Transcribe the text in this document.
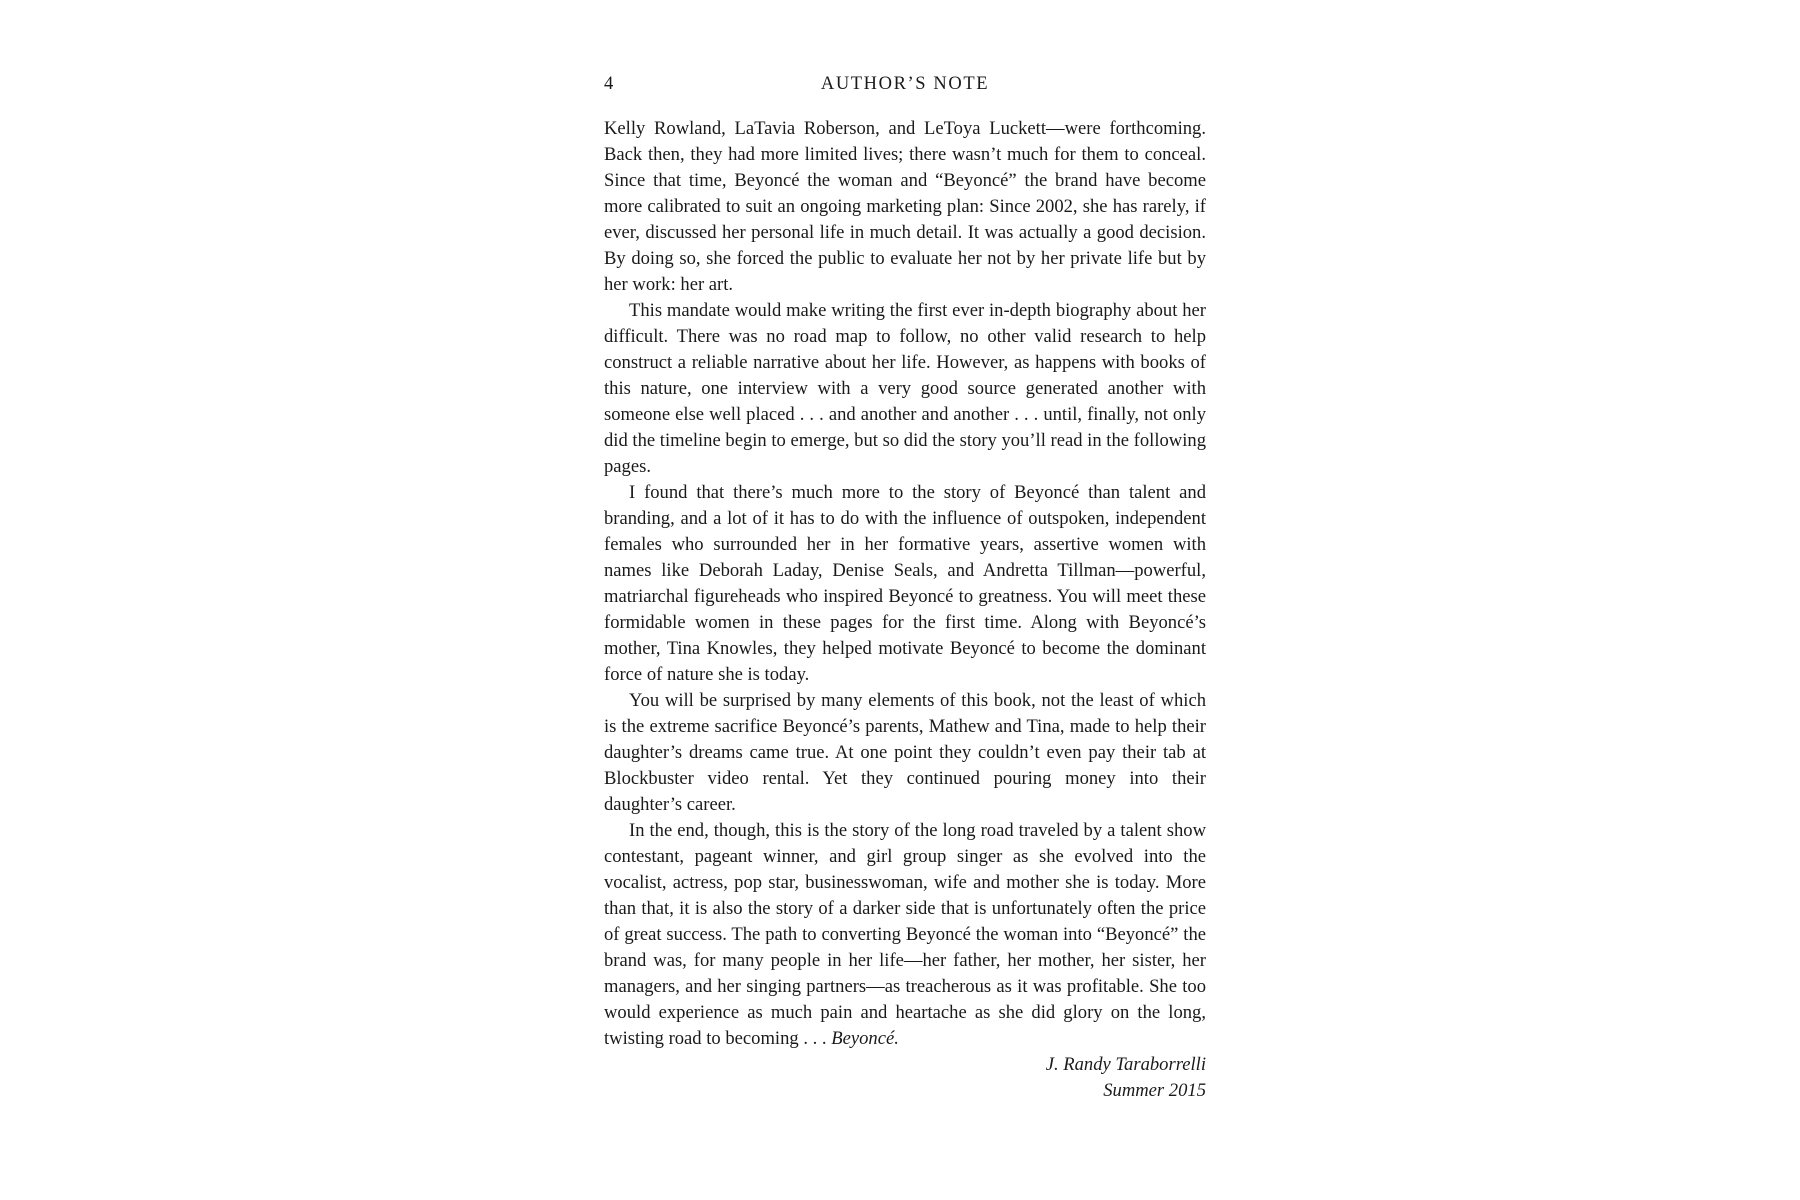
4	AUTHOR’S NOTE

Kelly Rowland, LaTavia Roberson, and LeToya Luckett—were forthcoming. Back then, they had more limited lives; there wasn’t much for them to conceal. Since that time, Beyoncé the woman and “Beyoncé” the brand have become more calibrated to suit an ongoing marketing plan: Since 2002, she has rarely, if ever, discussed her personal life in much detail. It was actually a good decision. By doing so, she forced the public to evaluate her not by her private life but by her work: her art.

This mandate would make writing the first ever in-depth biography about her difficult. There was no road map to follow, no other valid research to help construct a reliable narrative about her life. However, as happens with books of this nature, one interview with a very good source generated another with someone else well placed . . . and another and another . . . until, finally, not only did the timeline begin to emerge, but so did the story you’ll read in the following pages.

I found that there’s much more to the story of Beyoncé than talent and branding, and a lot of it has to do with the influence of outspoken, independent females who surrounded her in her formative years, assertive women with names like Deborah Laday, Denise Seals, and Andretta Tillman—powerful, matriarchal figureheads who inspired Beyoncé to greatness. You will meet these formidable women in these pages for the first time. Along with Beyoncé’s mother, Tina Knowles, they helped motivate Beyoncé to become the dominant force of nature she is today.

You will be surprised by many elements of this book, not the least of which is the extreme sacrifice Beyoncé’s parents, Mathew and Tina, made to help their daughter’s dreams came true. At one point they couldn’t even pay their tab at Blockbuster video rental. Yet they continued pouring money into their daughter’s career.

In the end, though, this is the story of the long road traveled by a talent show contestant, pageant winner, and girl group singer as she evolved into the vocalist, actress, pop star, businesswoman, wife and mother she is today. More than that, it is also the story of a darker side that is unfortunately often the price of great success. The path to converting Beyoncé the woman into “Beyoncé” the brand was, for many people in her life—her father, her mother, her sister, her managers, and her singing partners—as treacherous as it was profitable. She too would experience as much pain and heartache as she did glory on the long, twisting road to becoming . . . Beyoncé.

J. Randy Taraborrelli
Summer 2015
